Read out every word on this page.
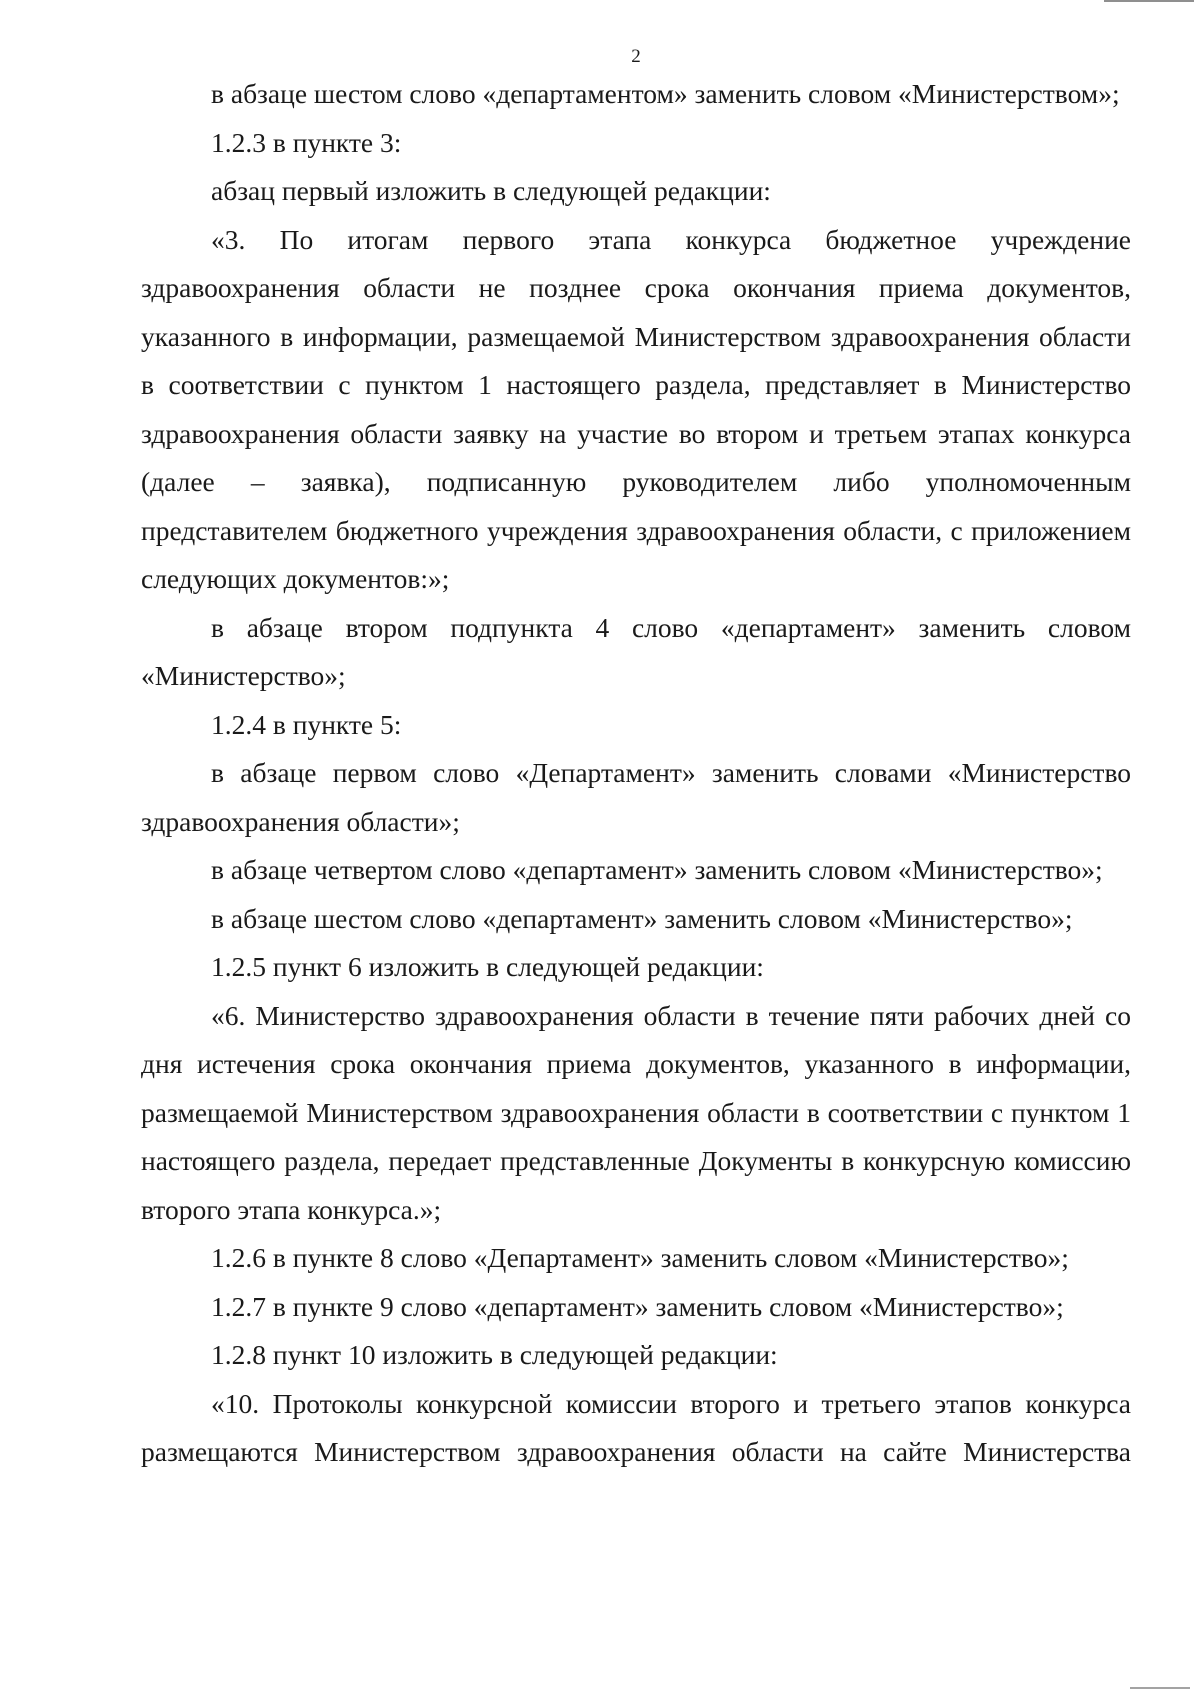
2

в абзаце шестом слово «департаментом» заменить словом «Министерством»;

1.2.3 в пункте 3:

абзац первый изложить в следующей редакции:

«3. По итогам первого этапа конкурса бюджетное учреждение здравоохранения области не позднее срока окончания приема документов, указанного в информации, размещаемой Министерством здравоохранения области в соответствии с пунктом 1 настоящего раздела, представляет в Министерство здравоохранения области заявку на участие во втором и третьем этапах конкурса (далее – заявка), подписанную руководителем либо уполномоченным представителем бюджетного учреждения здравоохранения области, с приложением следующих документов:»;

в абзаце втором подпункта 4 слово «департамент» заменить словом «Министерство»;

1.2.4 в пункте 5:

в абзаце первом слово «Департамент» заменить словами «Министерство здравоохранения области»;

в абзаце четвертом слово «департамент» заменить словом «Министерство»;

в абзаце шестом слово «департамент» заменить словом «Министерство»;

1.2.5 пункт 6 изложить в следующей редакции:

«6. Министерство здравоохранения области в течение пяти рабочих дней со дня истечения срока окончания приема документов, указанного в информации, размещаемой Министерством здравоохранения области в соответствии с пунктом 1 настоящего раздела, передает представленные Документы в конкурсную комиссию второго этапа конкурса.»;

1.2.6 в пункте 8 слово «Департамент» заменить словом «Министерство»;

1.2.7 в пункте 9 слово «департамент» заменить словом «Министерство»;

1.2.8 пункт 10 изложить в следующей редакции:

«10. Протоколы конкурсной комиссии второго и третьего этапов конкурса размещаются Министерством здравоохранения области на сайте Министерства
